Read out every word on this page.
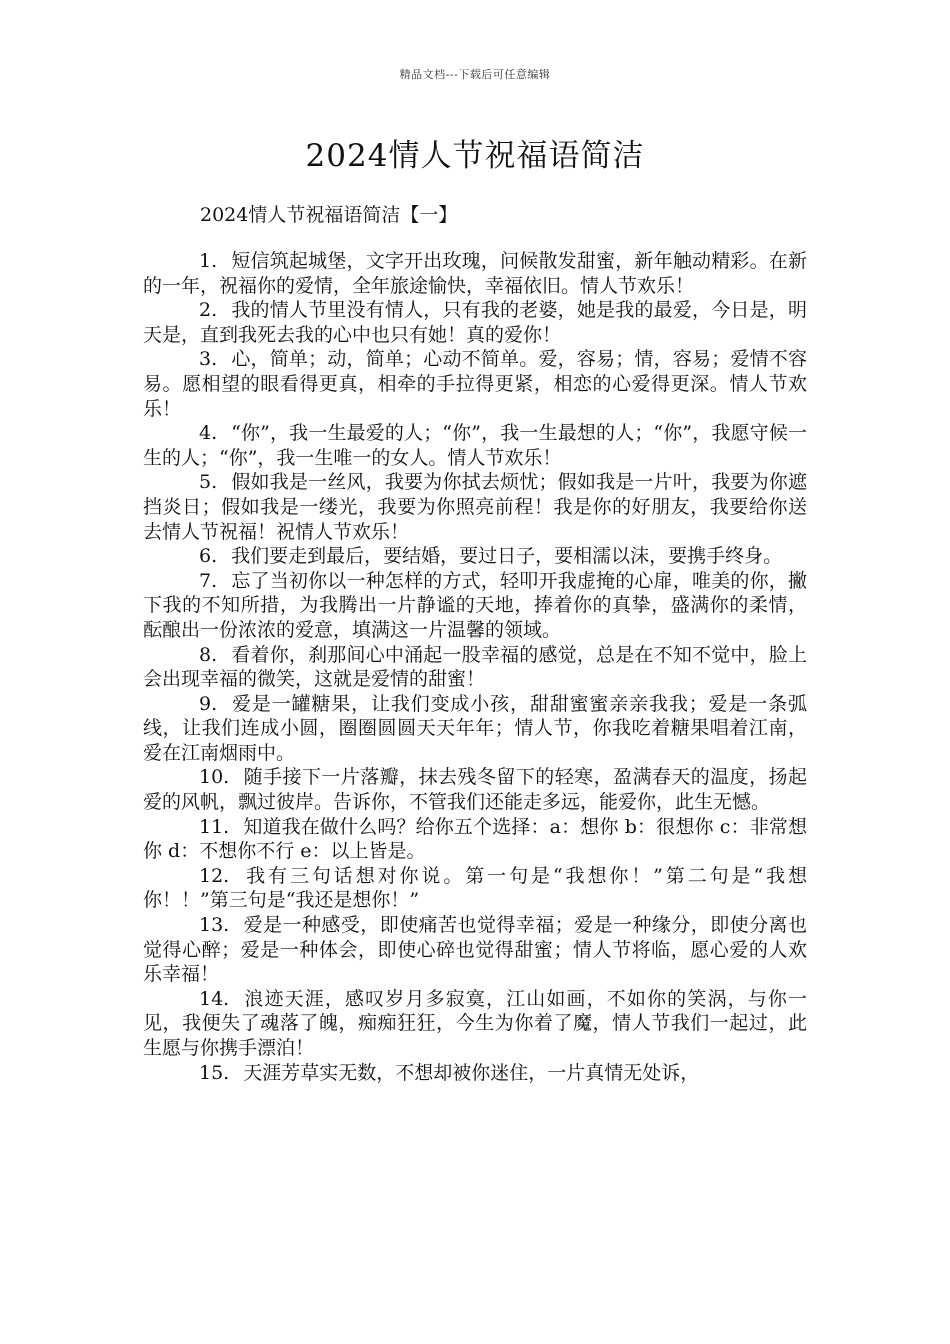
精品文档---下载后可任意编辑
2024情人节祝福语简洁

2024情人节祝福语简洁【一】

1. 短信筑起城堡，文字开出玫瑰，问候散发甜蜜，新年触动精彩。在新的一年，祝福你的爱情，全年旅途愉快，幸福依旧。情人节欢乐！

2. 我的情人节里没有情人，只有我的老婆，她是我的最爱，今日是，明天是，直到我死去我的心中也只有她！真的爱你！

3. 心，简单；动，简单；心动不简单。爱，容易；情，容易；爱情不容易。愿相望的眼看得更真，相牵的手拉得更紧，相恋的心爱得更深。情人节欢乐！

4. “你”，我一生最爱的人；“你”，我一生最想的人；“你”，我愿守候一生的人；“你”，我一生唯一的女人。情人节欢乐！

5. 假如我是一丝风，我要为你拭去烦忧；假如我是一片叶，我要为你遮挡炎日；假如我是一缕光，我要为你照亮前程！我是你的好朋友，我要给你送去情人节祝福！祝情人节欢乐！

6. 我们要走到最后，要结婚，要过日子，要相濡以沫，要携手终身。

7. 忘了当初你以一种怎样的方式，轻叩开我虚掩的心扉，唯美的你，撇下我的不知所措，为我腾出一片静谧的天地，捧着你的真挚，盛满你的柔情，酝酿出一份浓浓的爱意，填满这一片温馨的领域。

8. 看着你，刹那间心中涌起一股幸福的感觉，总是在不知不觉中，脸上会出现幸福的微笑，这就是爱情的甜蜜！

9. 爱是一罐糖果，让我们变成小孩，甜甜蜜蜜亲亲我我；爱是一条弧线，让我们连成小圆，圈圈圆圆天天年年；情人节，你我吃着糖果唱着江南，爱在江南烟雨中。

10. 随手接下一片落瓣，抹去残冬留下的轻寒，盈满春天的温度，扬起爱的风帆，飘过彼岸。告诉你，不管我们还能走多远，能爱你，此生无憾。

11. 知道我在做什么吗？给你五个选择：a：想你 b：很想你 c：非常想你 d：不想你不行 e：以上皆是。

12. 我有三句话想对你说。第一句是“我想你！”第二句是“我想你！！”第三句是“我还是想你！”

13. 爱是一种感受，即使痛苦也觉得幸福；爱是一种缘分，即使分离也觉得心醉；爱是一种体会，即使心碎也觉得甜蜜；情人节将临，愿心爱的人欢乐幸福！

14. 浪迹天涯，感叹岁月多寂寞，江山如画，不如你的笑涡，与你一见，我便失了魂落了魄，痴痴狂狂，今生为你着了魔，情人节我们一起过，此生愿与你携手漂泊！

15. 天涯芳草实无数，不想却被你迷住，一片真情无处诉，
